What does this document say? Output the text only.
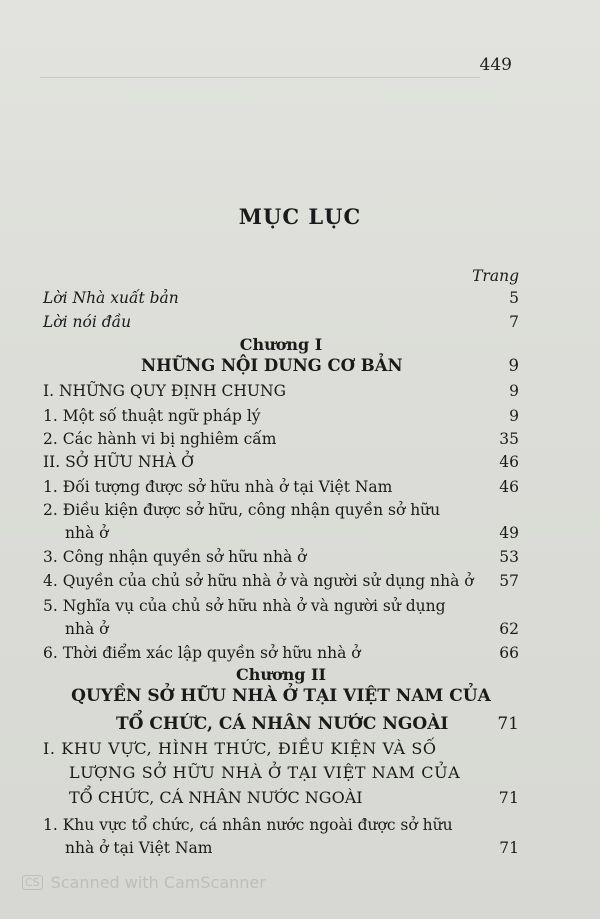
449
MỤC LỤC
Trang
Lời Nhà xuất bản	5
Lời nói đầu	7
Chương I
NHỮNG NỘI DUNG CƠ BẢN	9
I. NHỮNG QUY ĐỊNH CHUNG	9
1. Một số thuật ngữ pháp lý	9
2. Các hành vi bị nghiêm cấm	35
II. SỞ HỮU NHÀ Ở	46
1. Đối tượng được sở hữu nhà ở tại Việt Nam	46
2. Điều kiện được sở hữu, công nhận quyền sở hữu
nhà ở	49
3. Công nhận quyền sở hữu nhà ở	53
4. Quyền của chủ sở hữu nhà ở và người sử dụng nhà ở 57
5. Nghĩa vụ của chủ sở hữu nhà ở và người sử dụng
nhà ở	62
6. Thời điểm xác lập quyền sở hữu nhà ở	66
Chương II
QUYỀN SỞ HỮU NHÀ Ở TẠI VIỆT NAM CỦA
TỔ CHỨC, CÁ NHÂN NƯỚC NGOÀI	71
I. KHU VỰC, HÌNH THỨC, ĐIỀU KIỆN VÀ SỐ
LƯỢNG SỞ HỮU NHÀ Ở TẠI VIỆT NAM CỦA
TỔ CHỨC, CÁ NHÂN NƯỚC NGOÀI	71
1. Khu vực tổ chức, cá nhân nước ngoài được sở hữu
nhà ở tại Việt Nam	71
CS Scanned with CamScanner
